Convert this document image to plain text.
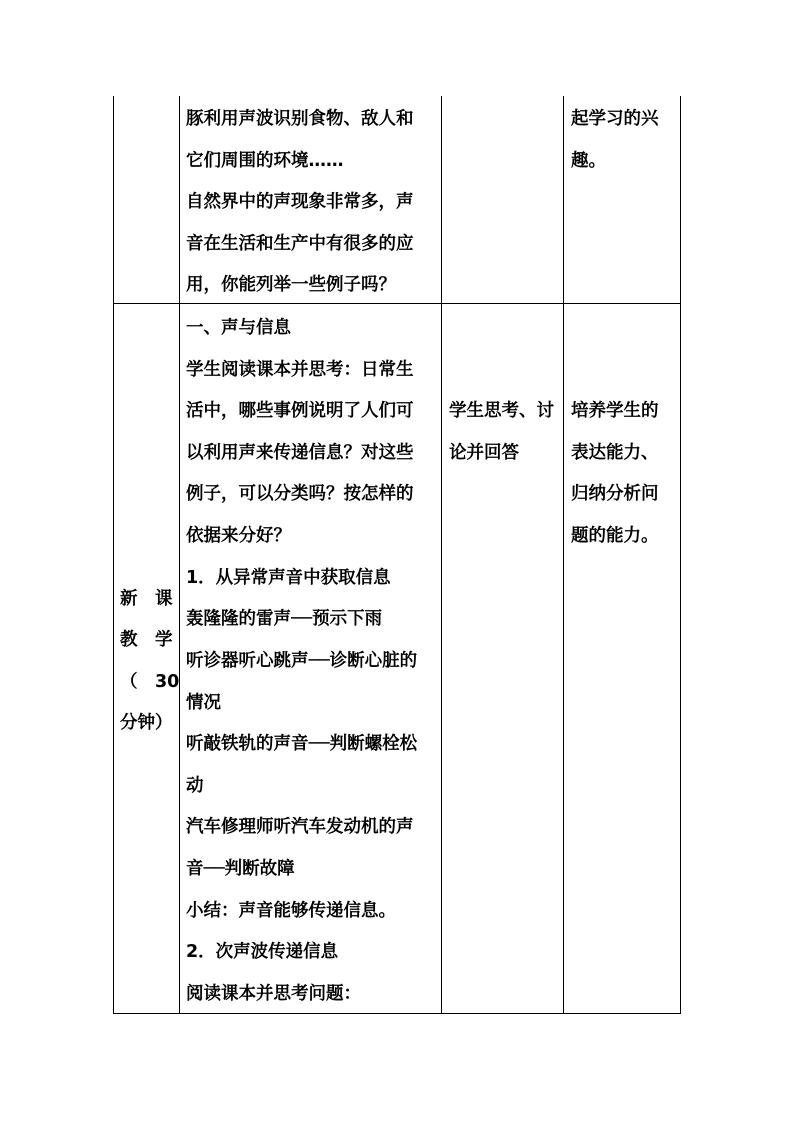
豚利用声波识别食物、敌人和
它们周围的环境……
自然界中的声现象非常多，声
音在生活和生产中有很多的应
用，你能列举一些例子吗？
起学习的兴
趣。
新　课
教　学
（　30
分钟）
一、声与信息
学生阅读课本并思考：日常生
活中，哪些事例说明了人们可
以利用声来传递信息？对这些
例子，可以分类吗？按怎样的
依据来分好？
1．从异常声音中获取信息
轰隆隆的雷声──预示下雨
听诊器听心跳声──诊断心脏的
情况
听敲铁轨的声音──判断螺栓松
动
汽车修理师听汽车发动机的声
音──判断故障
小结：声音能够传递信息。
2．次声波传递信息
阅读课本并思考问题：
学生思考、讨
论并回答
培养学生的
表达能力、
归纳分析问
题的能力。
